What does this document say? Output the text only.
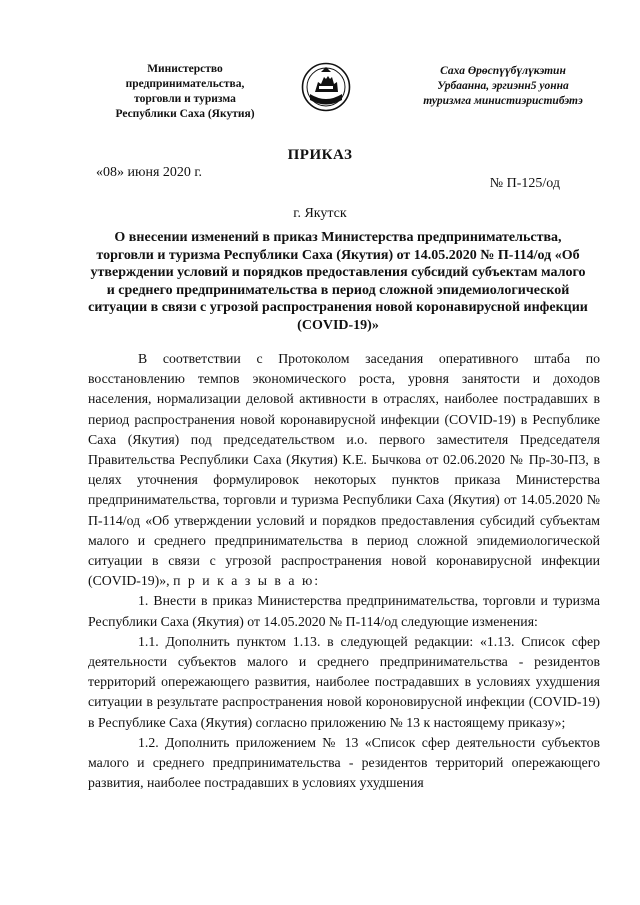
Министерство
предпринимательства,
торговли и туризма
Республики Саха (Якутия)
Саха Өрөспүүбүлүкэтин
Урбаанна, эргиэнн5 уонна
туризмга министиэристибэтэ
ПРИКАЗ
«08» июня 2020 г.
№ П-125/од
г. Якутск
О внесении изменений в приказ Министерства предпринимательства, торговли и туризма Республики Саха (Якутия) от 14.05.2020 № П-114/од «Об утверждении условий и порядков предоставления субсидий субъектам малого и среднего предпринимательства в период сложной эпидемиологической ситуации в связи с угрозой распространения новой коронавирусной инфекции (COVID-19)»

В соответствии с Протоколом заседания оперативного штаба по восстановлению темпов экономического роста, уровня занятости и доходов населения, нормализации деловой активности в отраслях, наиболее пострадавших в период распространения новой коронавирусной инфекции (COVID-19) в Республике Саха (Якутия) под председательством и.о. первого заместителя Председателя Правительства Республики Саха (Якутия) К.Е. Бычкова от 02.06.2020 № Пр-30-П3, в целях уточнения формулировок некоторых пунктов приказа Министерства предпринимательства, торговли и туризма Республики Саха (Якутия) от 14.05.2020 № П-114/од «Об утверждении условий и порядков предоставления субсидий субъектам малого и среднего предпринимательства в период сложной эпидемиологической ситуации в связи с угрозой распространения новой коронавирусной инфекции (COVID-19)», п р и к а з ы в а ю:

1. Внести в приказ Министерства предпринимательства, торговли и туризма Республики Саха (Якутия) от 14.05.2020 № П-114/од следующие изменения:

1.1. Дополнить пунктом 1.13. в следующей редакции: «1.13. Список сфер деятельности субъектов малого и среднего предпринимательства - резидентов территорий опережающего развития, наиболее пострадавших в условиях ухудшения ситуации в результате распространения новой короновирусной инфекции (COVID-19) в Республике Саха (Якутия) согласно приложению № 13 к настоящему приказу»;

1.2. Дополнить приложением № 13 «Список сфер деятельности субъектов малого и среднего предпринимательства - резидентов территорий опережающего развития, наиболее пострадавших в условиях ухудшения
